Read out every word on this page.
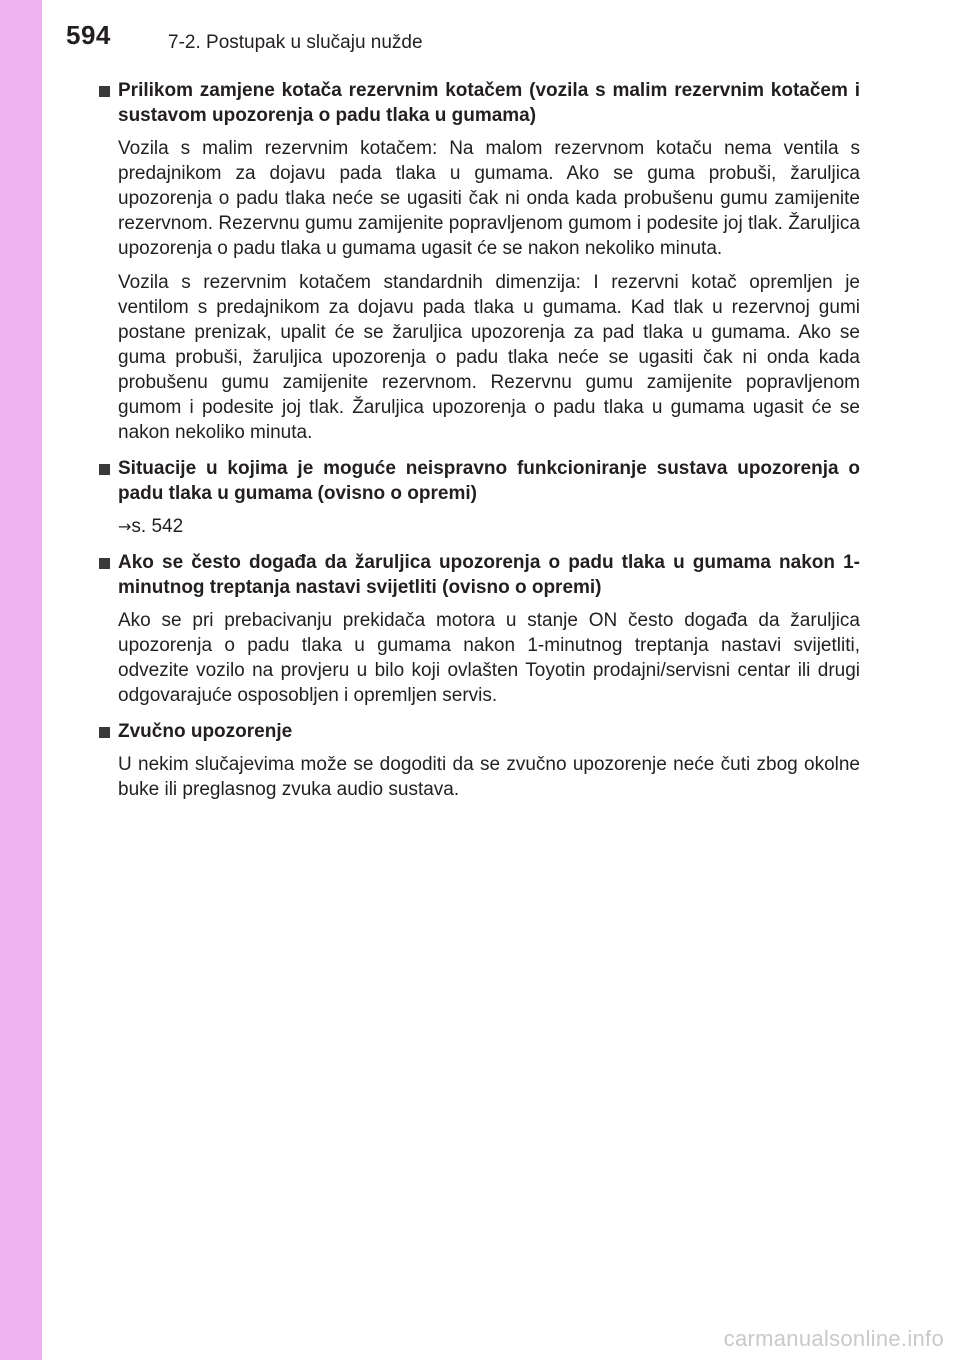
594	7-2. Postupak u slučaju nužde
Prilikom zamjene kotača rezervnim kotačem (vozila s malim rezervnim kotačem i sustavom upozorenja o padu tlaka u gumama)

Vozila s malim rezervnim kotačem: Na malom rezervnom kotaču nema ventila s predajnikom za dojavu pada tlaka u gumama. Ako se guma probuši, žaruljica upozorenja o padu tlaka neće se ugasiti čak ni onda kada probušenu gumu zamijenite rezervnom. Rezervnu gumu zamijenite popravljenom gumom i podesite joj tlak. Žaruljica upozorenja o padu tlaka u gumama ugasit će se nakon nekoliko minuta.

Vozila s rezervnim kotačem standardnih dimenzija: I rezervni kotač opremljen je ventilom s predajnikom za dojavu pada tlaka u gumama. Kad tlak u rezervnoj gumi postane prenizak, upalit će se žaruljica upozorenja za pad tlaka u gumama. Ako se guma probuši, žaruljica upozorenja o padu tlaka neće se ugasiti čak ni onda kada probušenu gumu zamijenite rezervnom. Rezervnu gumu zamijenite popravljenom gumom i podesite joj tlak. Žaruljica upozorenja o padu tlaka u gumama ugasit će se nakon nekoliko minuta.

Situacije u kojima je moguće neispravno funkcioniranje sustava upozorenja o padu tlaka u gumama (ovisno o opremi)

→s. 542

Ako se često događa da žaruljica upozorenja o padu tlaka u gumama nakon 1-minutnog treptanja nastavi svijetliti (ovisno o opremi)

Ako se pri prebacivanju prekidača motora u stanje ON često događa da žaruljica upozorenja o padu tlaka u gumama nakon 1-minutnog treptanja nastavi svijetliti, odvezite vozilo na provjeru u bilo koji ovlašten Toyotin prodajni/servisni centar ili drugi odgovarajuće osposobljen i opremljen servis.

Zvučno upozorenje

U nekim slučajevima može se dogoditi da se zvučno upozorenje neće čuti zbog okolne buke ili preglasnog zvuka audio sustava.

carmanualsonline.info
